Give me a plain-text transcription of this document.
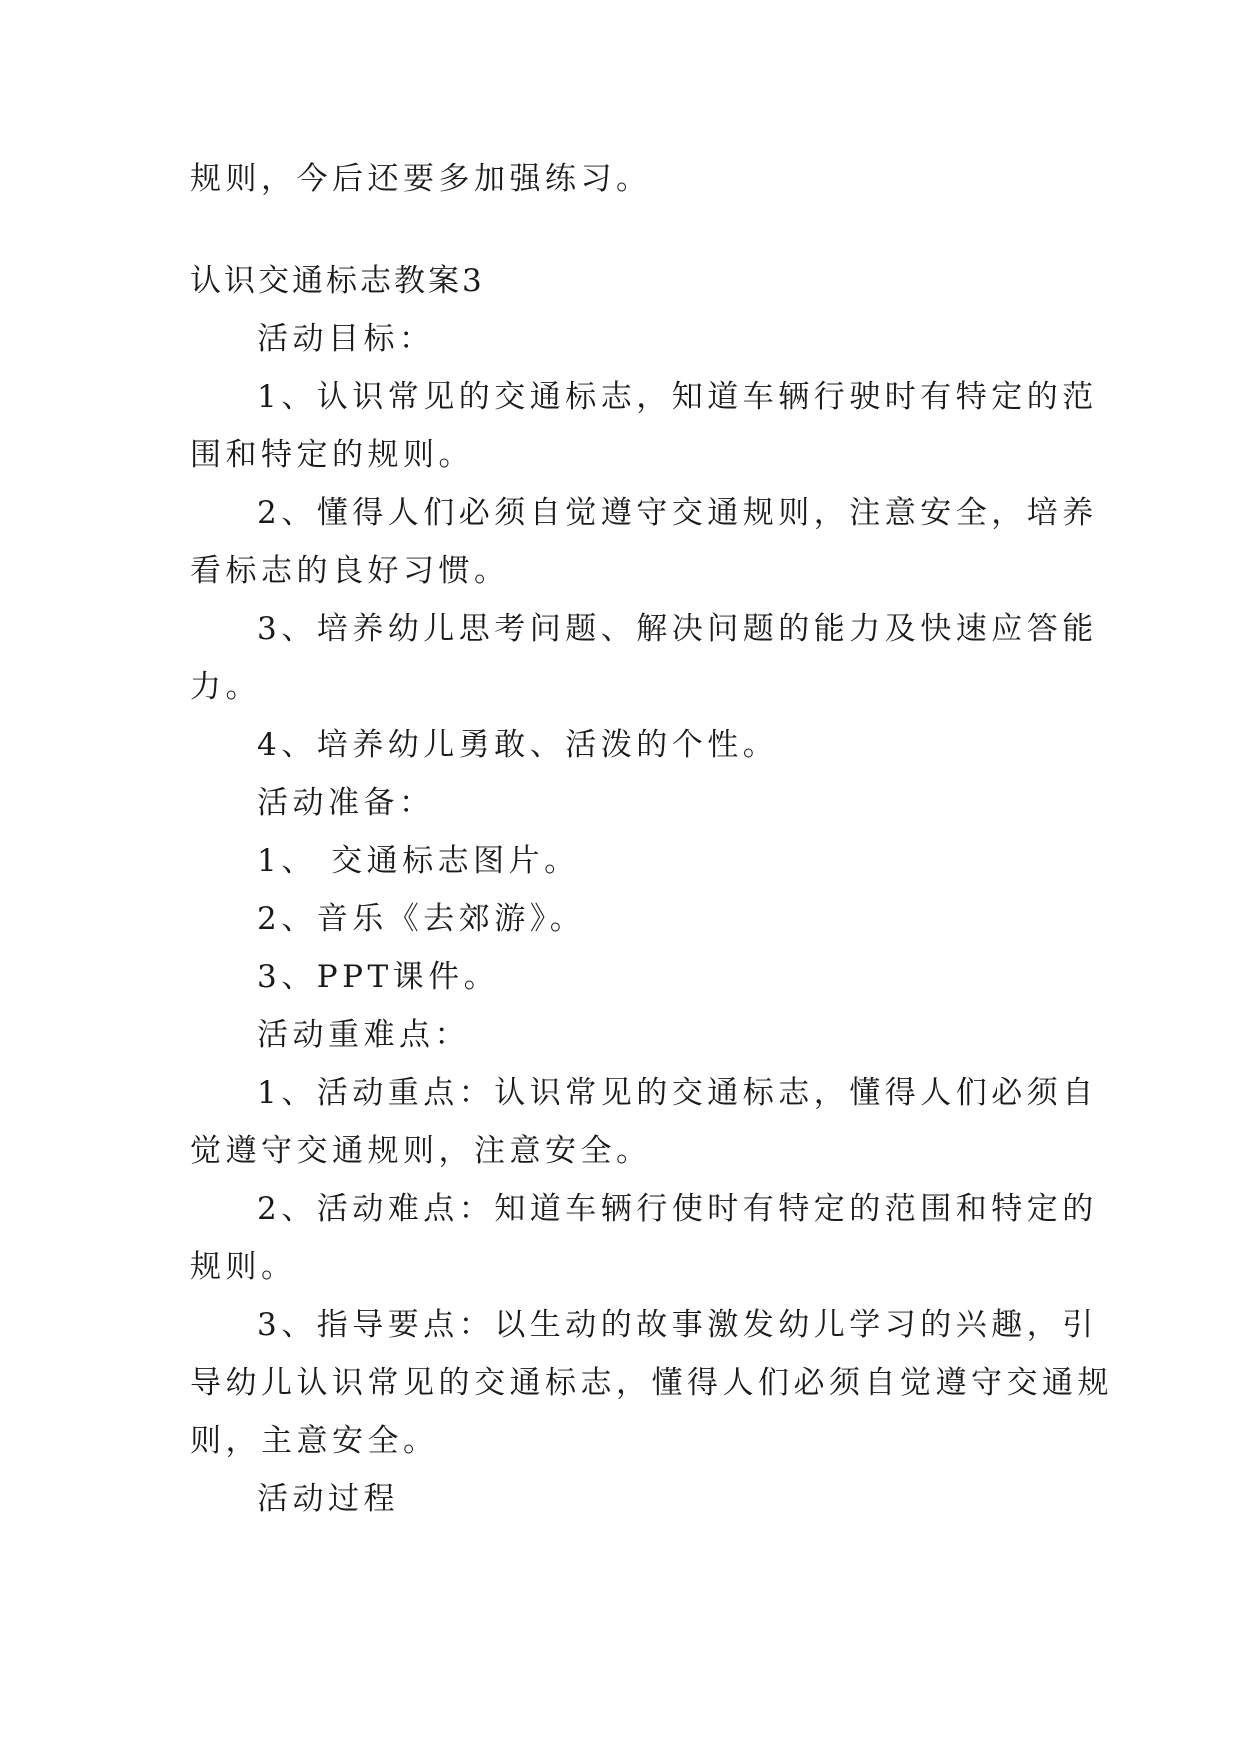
规则，今后还要多加强练习。

认识交通标志教案3

活动目标：

1、认识常见的交通标志，知道车辆行驶时有特定的范

围和特定的规则。

2、懂得人们必须自觉遵守交通规则，注意安全，培养

看标志的良好习惯。

3、培养幼儿思考问题、解决问题的能力及快速应答能

力。

4、培养幼儿勇敢、活泼的个性。

活动准备：

1、 交通标志图片。

2、音乐《去郊游》。

3、PPT课件。

活动重难点：

1、活动重点：认识常见的交通标志，懂得人们必须自

觉遵守交通规则，注意安全。

2、活动难点：知道车辆行使时有特定的范围和特定的

规则。

3、指导要点：以生动的故事激发幼儿学习的兴趣，引

导幼儿认识常见的交通标志，懂得人们必须自觉遵守交通规

则，主意安全。

活动过程
